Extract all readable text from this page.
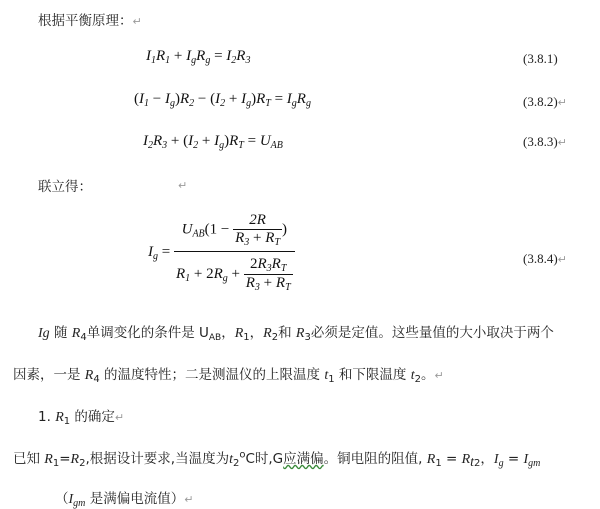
根据平衡原理：↵
$I_1R_1 + I_gR_g = I_2R_3$	(3.8.1)
$(I_1 - I_g)R_2 - (I_2 + I_g)R_T = I_gR_g$	(3.8.2)↵
$I_2R_3 + (I_2 + I_g)R_T = U_{AB}$	(3.8.3)↵
联立得：	↵
$I_g = \frac{U_{AB}(1 - \frac{2R}{R_3 + R_T} )}{R_1 + 2R_g + \frac{2R_3R_T}{R_3 + R_T}}$	(3.8.4)↵
Ig 随 $R_4$单调变化的条件是 $U_{AB}$，$R_1$，$R_2$和 $R_3$必须是定值。这些量值的大小取决于两个
因素，一是 $R_4$ 的温度特性；二是测温仪的上限温度 $t_1$ 和下限温度 $t_2$。↵
1. $R_1$ 的确定↵
已知 $R_1=R_2$,根据设计要求,当温度为$t_2^oC$时,G应满偏。铜电阻的阻值, $R_1 = R_{t2}$，$I_g = I_{gm}$
（$I_{gm}$ 是满偏电流值）↵
